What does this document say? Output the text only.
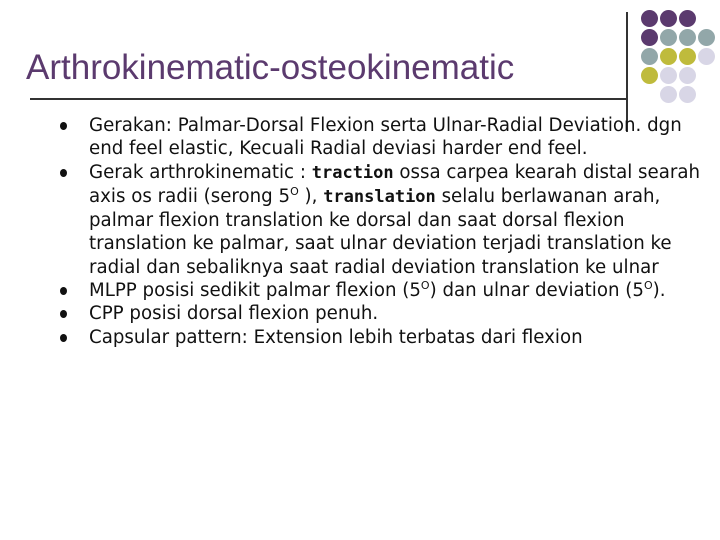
Arthrokinematic-osteokinematic
Gerakan: Palmar-Dorsal Flexion serta Ulnar-Radial Deviation. dgn end feel elastic, Kecuali Radial deviasi harder end feel.
Gerak arthrokinematic : traction ossa carpea kearah distal searah axis os radii (serong $5^O$ ), translation selalu berlawanan arah, palmar flexion translation ke dorsal dan saat dorsal flexion translation ke palmar, saat ulnar deviation terjadi translation ke radial dan sebaliknya saat radial deviation translation ke ulnar
MLPP posisi sedikit palmar flexion $(5^O)$ dan ulnar deviation $(5^O)$.
CPP posisi dorsal flexion penuh.
Capsular pattern: Extension lebih terbatas dari flexion
